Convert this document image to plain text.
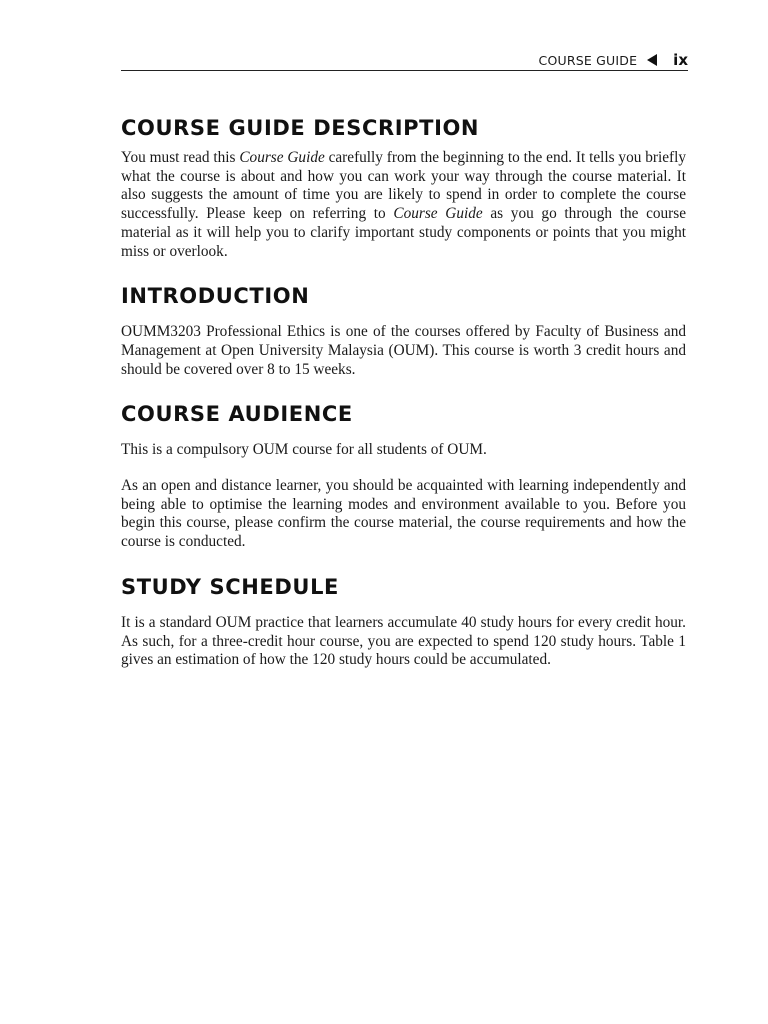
COURSE GUIDE ix
COURSE GUIDE DESCRIPTION

You must read this Course Guide carefully from the beginning to the end. It tells you briefly what the course is about and how you can work your way through the course material. It also suggests the amount of time you are likely to spend in order to complete the course successfully. Please keep on referring to Course Guide as you go through the course material as it will help you to clarify important study components or points that you might miss or overlook.

INTRODUCTION

OUMM3203 Professional Ethics is one of the courses offered by Faculty of Business and Management at Open University Malaysia (OUM). This course is worth 3 credit hours and should be covered over 8 to 15 weeks.

COURSE AUDIENCE

This is a compulsory OUM course for all students of OUM.

As an open and distance learner, you should be acquainted with learning independently and being able to optimise the learning modes and environment available to you. Before you begin this course, please confirm the course material, the course requirements and how the course is conducted.

STUDY SCHEDULE

It is a standard OUM practice that learners accumulate 40 study hours for every credit hour. As such, for a three-credit hour course, you are expected to spend 120 study hours. Table 1 gives an estimation of how the 120 study hours could be accumulated.
